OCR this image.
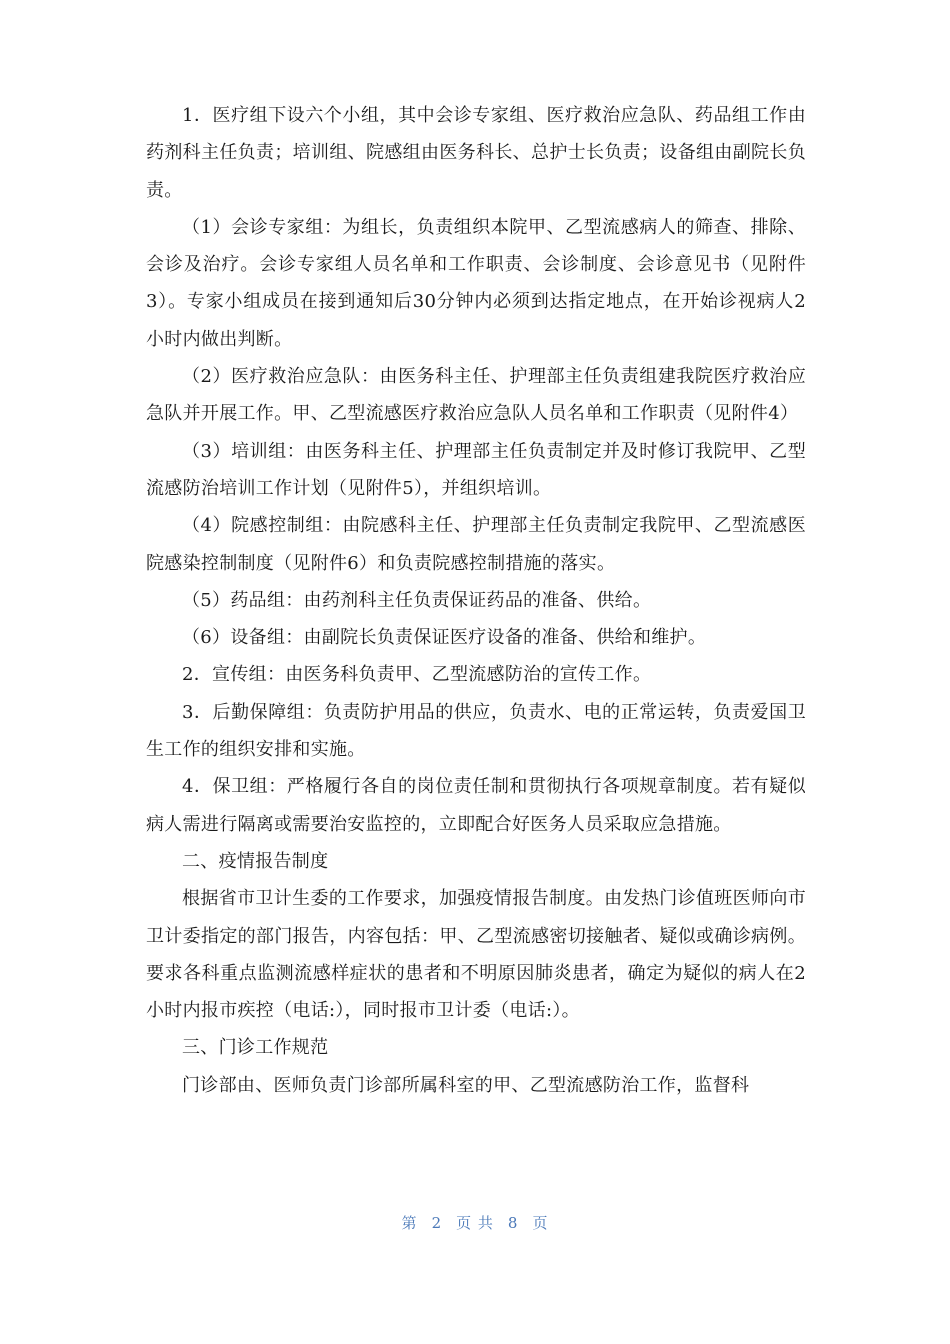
1．医疗组下设六个小组，其中会诊专家组、医疗救治应急队、药品组工作由药剂科主任负责；培训组、院感组由医务科长、总护士长负责；设备组由副院长负责。

（1）会诊专家组：为组长，负责组织本院甲、乙型流感病人的筛查、排除、会诊及治疗。会诊专家组人员名单和工作职责、会诊制度、会诊意见书（见附件3）。专家小组成员在接到通知后30分钟内必须到达指定地点，在开始诊视病人2小时内做出判断。

（2）医疗救治应急队：由医务科主任、护理部主任负责组建我院医疗救治应急队并开展工作。甲、乙型流感医疗救治应急队人员名单和工作职责（见附件4）

（3）培训组：由医务科主任、护理部主任负责制定并及时修订我院甲、乙型流感防治培训工作计划（见附件5），并组织培训。

（4）院感控制组：由院感科主任、护理部主任负责制定我院甲、乙型流感医院感染控制制度（见附件6）和负责院感控制措施的落实。

（5）药品组：由药剂科主任负责保证药品的准备、供给。

（6）设备组：由副院长负责保证医疗设备的准备、供给和维护。

2．宣传组：由医务科负责甲、乙型流感防治的宣传工作。

3．后勤保障组：负责防护用品的供应，负责水、电的正常运转，负责爱国卫生工作的组织安排和实施。

4．保卫组：严格履行各自的岗位责任制和贯彻执行各项规章制度。若有疑似病人需进行隔离或需要治安监控的，立即配合好医务人员采取应急措施。

二、疫情报告制度

根据省市卫计生委的工作要求，加强疫情报告制度。由发热门诊值班医师向市卫计委指定的部门报告，内容包括：甲、乙型流感密切接触者、疑似或确诊病例。要求各科重点监测流感样症状的患者和不明原因肺炎患者，确定为疑似的病人在2小时内报市疾控（电话:），同时报市卫计委（电话:）。

三、门诊工作规范

门诊部由、医师负责门诊部所属科室的甲、乙型流感防治工作，监督科

第 2 页 共 8 页
